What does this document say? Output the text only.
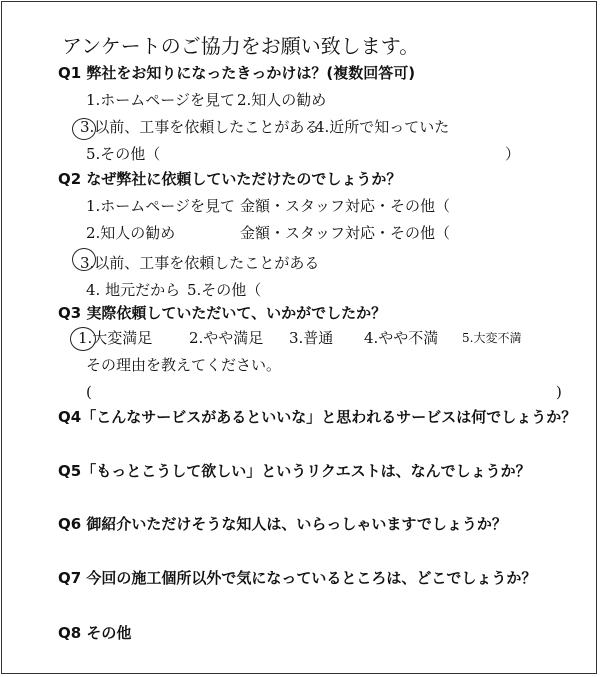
アンケートのご協力をお願い致します。
Q1 弊社をお知りになったきっかけは？(複数回答可)
1.ホームページを見て 2.知人の勧め
3.以前、工事を依頼したことがある
4.近所で知っていた
5.その他（	）
Q2 なぜ弊社に依頼していただけたのでしょうか？
1.ホームページを見て 金額・スタッフ対応・その他（
2.知人の勧め	金額・スタッフ対応・その他（
3.以前、工事を依頼したことがある
4. 地元だから 5.その他（
Q3 実際依頼していただいて、いかがでしたか？
1.大変満足 2.やや満足 3.普通 4.やや不満 5.大変不満
その理由を教えてください。
(	)
Q4「こんなサービスがあるといいな」と思われるサービスは何でしょうか？
Q5「もっとこうして欲しい」というリクエストは、なんでしょうか？
Q6 御紹介いただけそうな知人は、いらっしゃいますでしょうか？
Q7 今回の施工個所以外で気になっているところは、どこでしょうか？
Q8 その他
